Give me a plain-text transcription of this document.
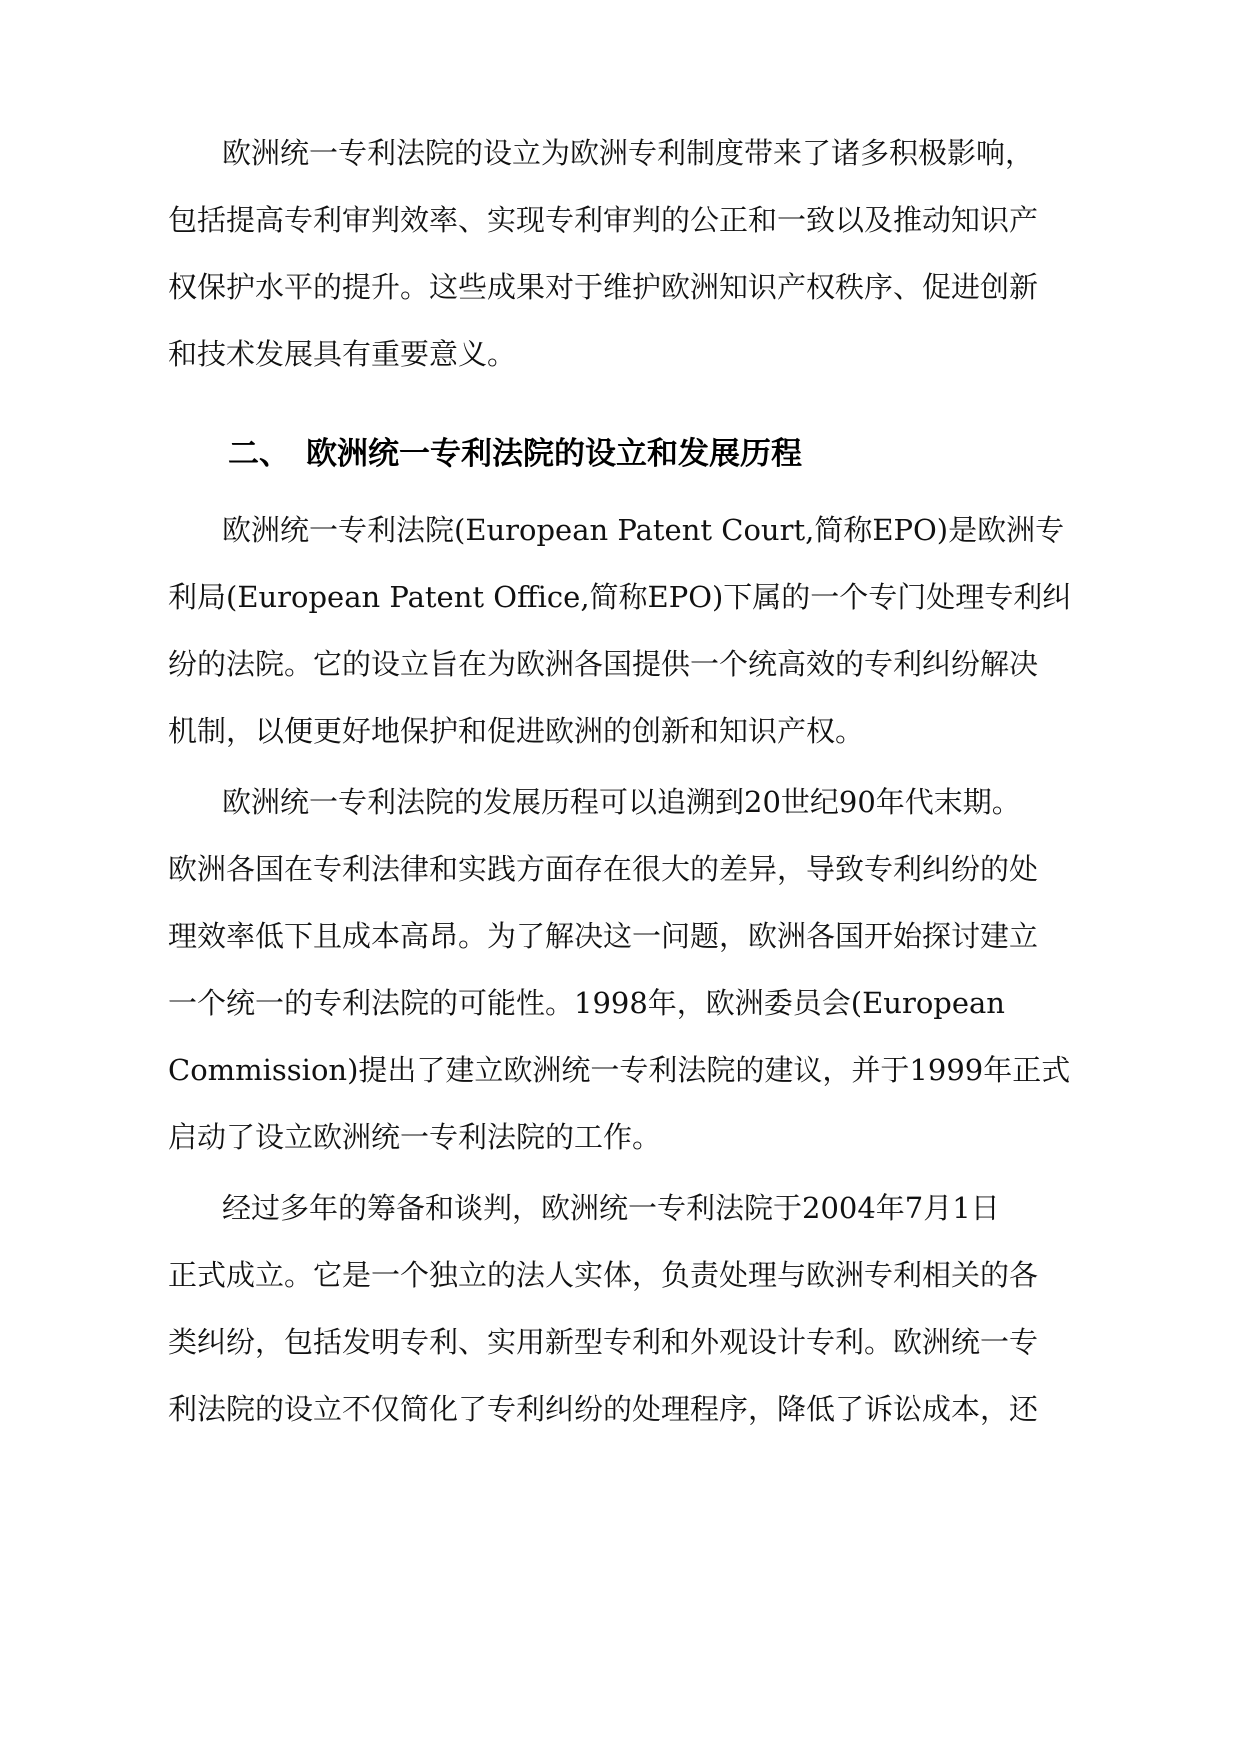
欧洲统一专利法院的设立为欧洲专利制度带来了诸多积极影响，
包括提高专利审判效率、实现专利审判的公正和一致以及推动知识产
权保护水平的提升。这些成果对于维护欧洲知识产权秩序、促进创新
和技术发展具有重要意义。
二、 欧洲统一专利法院的设立和发展历程
欧洲统一专利法院(European Patent Court,简称EPO)是欧洲专
利局(European Patent Office,简称EPO)下属的一个专门处理专利纠
纷的法院。它的设立旨在为欧洲各国提供一个统高效的专利纠纷解决
机制，以便更好地保护和促进欧洲的创新和知识产权。
欧洲统一专利法院的发展历程可以追溯到20世纪90年代末期。
欧洲各国在专利法律和实践方面存在很大的差异，导致专利纠纷的处
理效率低下且成本高昂。为了解决这一问题，欧洲各国开始探讨建立
一个统一的专利法院的可能性。1998年，欧洲委员会(European
Commission)提出了建立欧洲统一专利法院的建议，并于1999年正式
启动了设立欧洲统一专利法院的工作。
经过多年的筹备和谈判，欧洲统一专利法院于2004年7月1日
正式成立。它是一个独立的法人实体，负责处理与欧洲专利相关的各
类纠纷，包括发明专利、实用新型专利和外观设计专利。欧洲统一专
利法院的设立不仅简化了专利纠纷的处理程序，降低了诉讼成本，还
